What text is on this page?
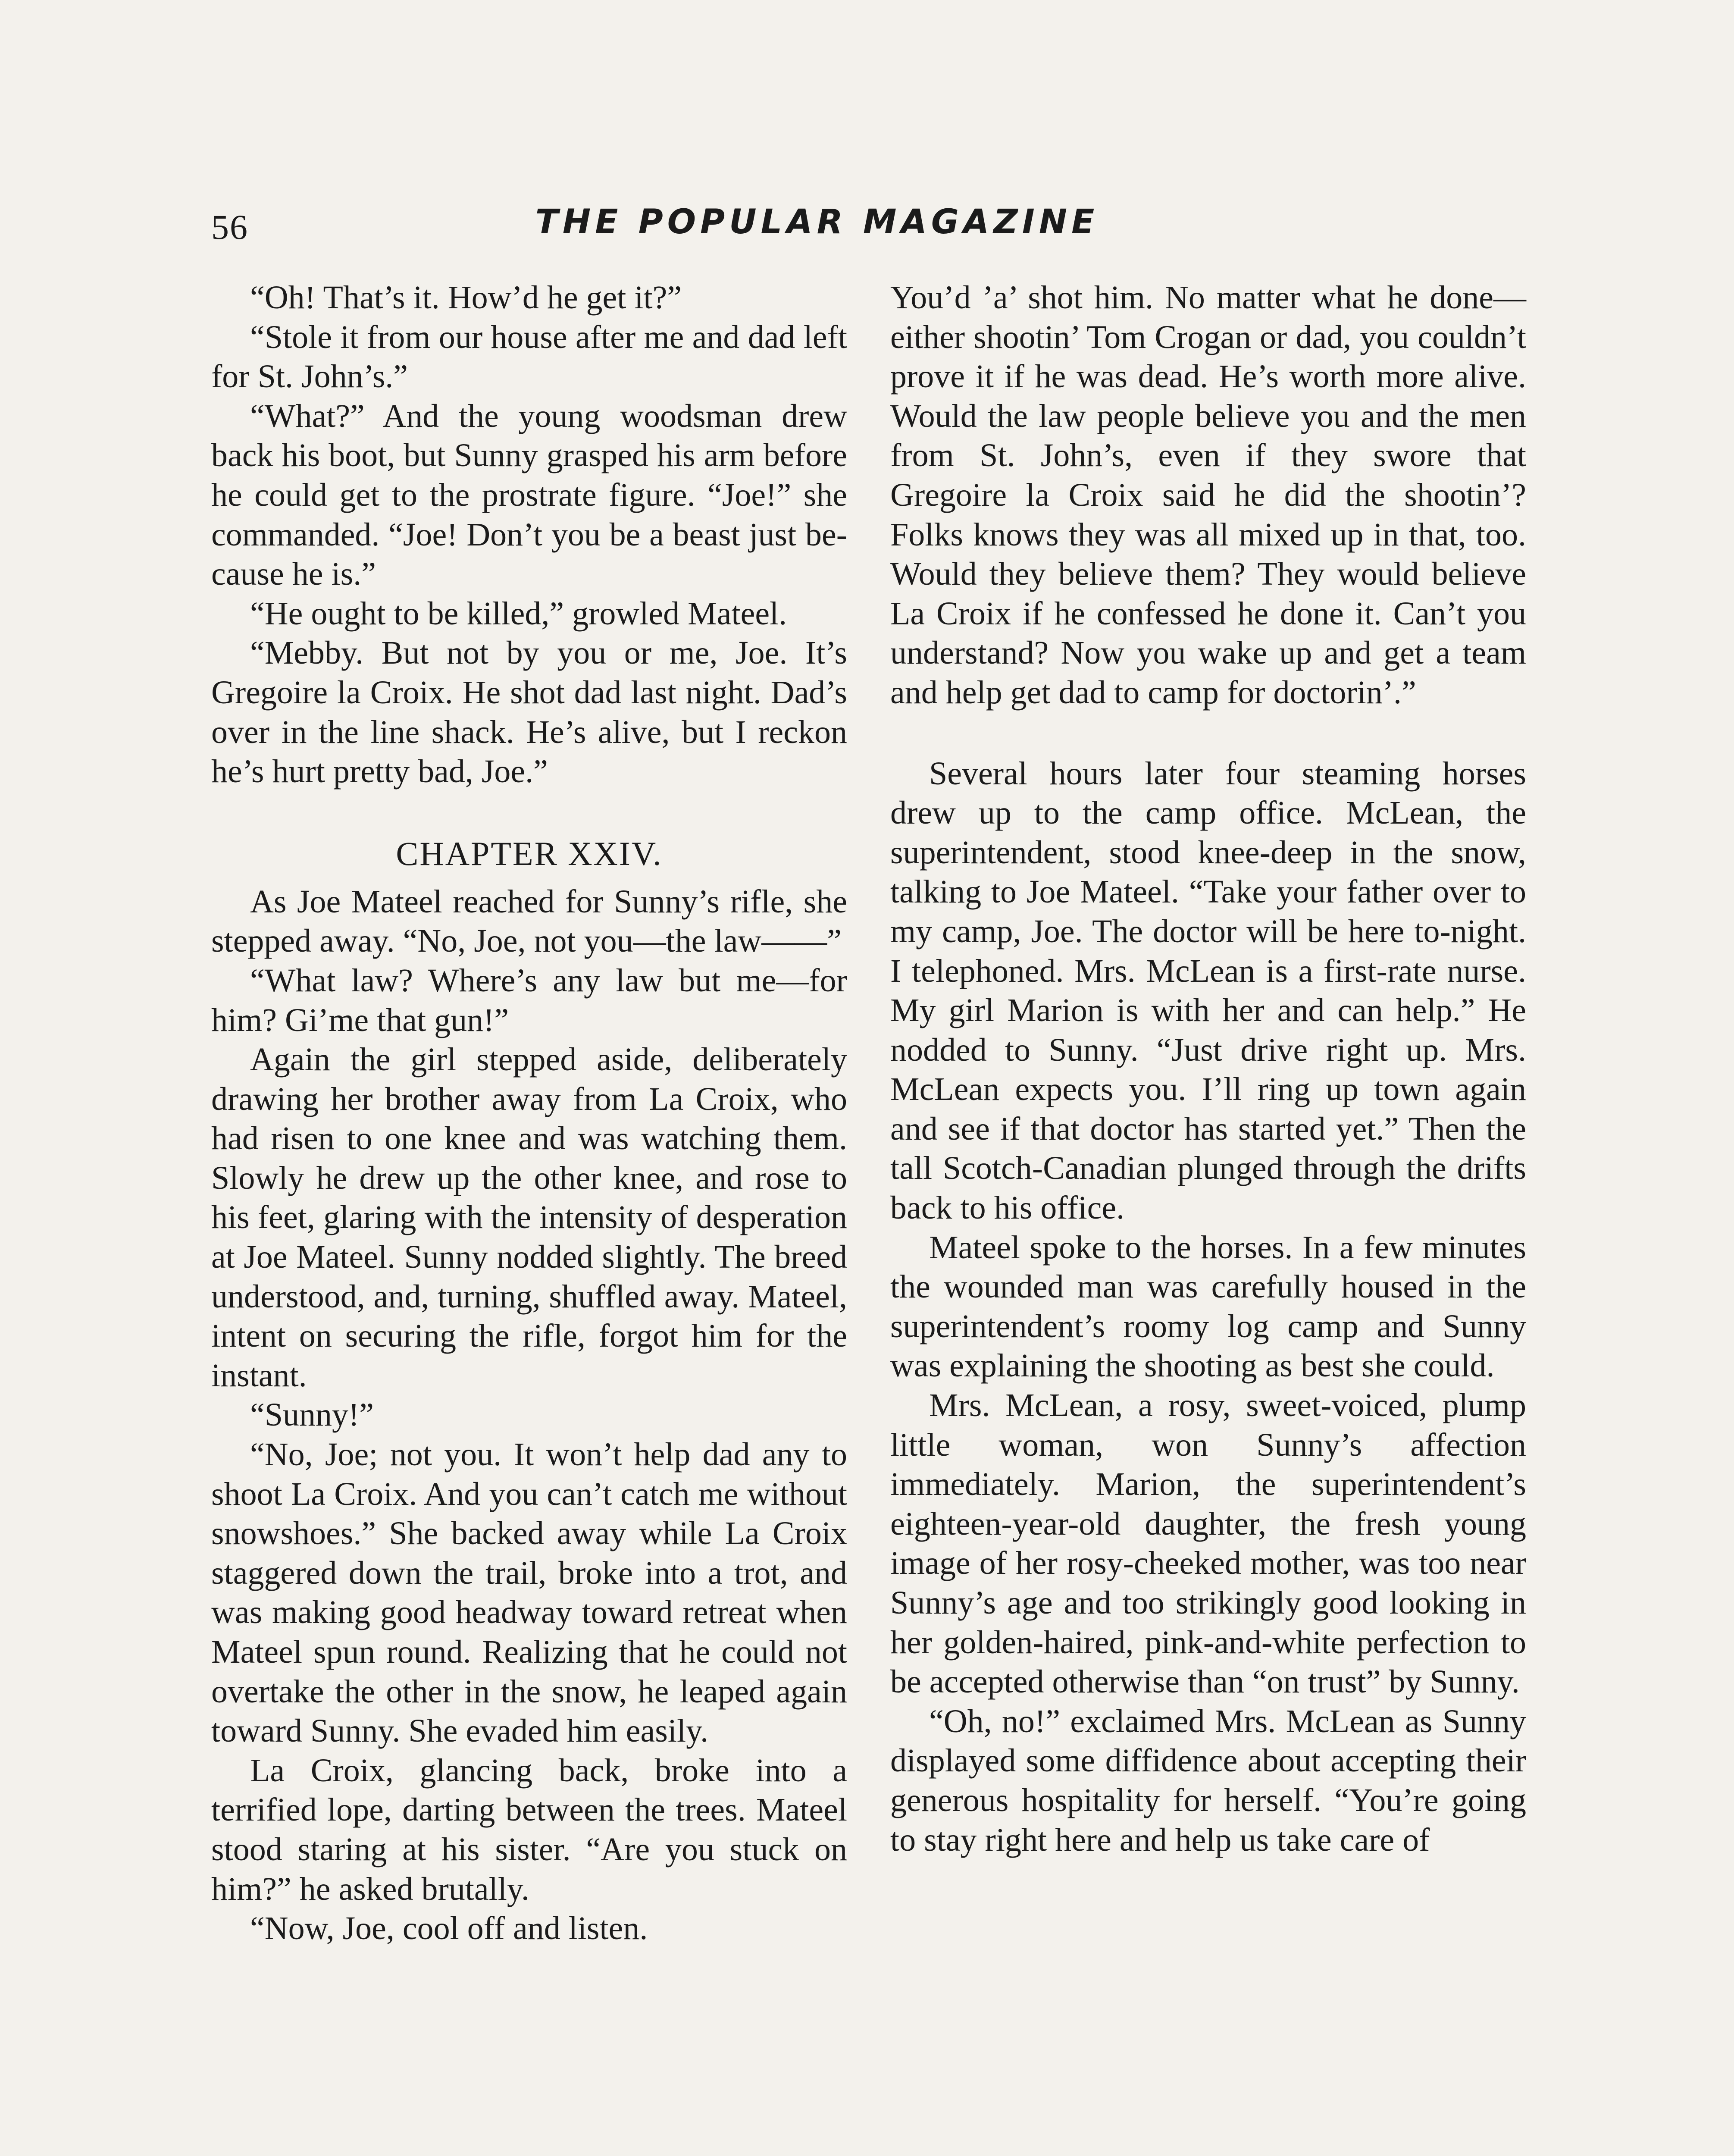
56	THE POPULAR MAGAZINE

“Oh! That’s it. How’d he get it?”

“Stole it from our house after me and dad left for St. John’s.”

“What?” And the young woodsman drew back his boot, but Sunny grasped his arm before he could get to the prostrate figure. “Joe!” she commanded. “Joe! Don’t you be a beast just because he is.”

“He ought to be killed,” growled Mateel.

“Mebby. But not by you or me, Joe. It’s Gregoire la Croix. He shot dad last night. Dad’s over in the line shack. He’s alive, but I reckon he’s hurt pretty bad, Joe.”

CHAPTER XXIV.

As Joe Mateel reached for Sunny’s rifle, she stepped away. “No, Joe, not you—the law——”

“What law? Where’s any law but me—for him? Gi’me that gun!”

Again the girl stepped aside, deliberately drawing her brother away from La Croix, who had risen to one knee and was watching them. Slowly he drew up the other knee, and rose to his feet, glaring with the intensity of desperation at Joe Mateel. Sunny nodded slightly. The breed understood, and, turning, shuffled away. Mateel, intent on securing the rifle, forgot him for the instant.

“Sunny!”

“No, Joe; not you. It won’t help dad any to shoot La Croix. And you can’t catch me without snowshoes.” She backed away while La Croix staggered down the trail, broke into a trot, and was making good headway toward retreat when Mateel spun round. Realizing that he could not overtake the other in the snow, he leaped again toward Sunny. She evaded him easily.

La Croix, glancing back, broke into a terrified lope, darting between the trees. Mateel stood staring at his sister. “Are you stuck on him?” he asked brutally.

“Now, Joe, cool off and listen.

You’d ’a’ shot him. No matter what he done—either shootin’ Tom Crogan or dad, you couldn’t prove it if he was dead. He’s worth more alive. Would the law people believe you and the men from St. John’s, even if they swore that Gregoire la Croix said he did the shootin’? Folks knows they was all mixed up in that, too. Would they believe them? They would believe La Croix if he confessed he done it. Can’t you understand? Now you wake up and get a team and help get dad to camp for doctorin’.”

Several hours later four steaming horses drew up to the camp office. McLean, the superintendent, stood knee-deep in the snow, talking to Joe Mateel. “Take your father over to my camp, Joe. The doctor will be here to-night. I telephoned. Mrs. McLean is a first-rate nurse. My girl Marion is with her and can help.” He nodded to Sunny. “Just drive right up. Mrs. McLean expects you. I’ll ring up town again and see if that doctor has started yet.” Then the tall Scotch-Canadian plunged through the drifts back to his office.

Mateel spoke to the horses. In a few minutes the wounded man was carefully housed in the superintendent’s roomy log camp and Sunny was explaining the shooting as best she could.

Mrs. McLean, a rosy, sweet-voiced, plump little woman, won Sunny’s affection immediately. Marion, the superintendent’s eighteen-year-old daughter, the fresh young image of her rosy-cheeked mother, was too near Sunny’s age and too strikingly good looking in her golden-haired, pink-and-white perfection to be accepted otherwise than “on trust” by Sunny.

“Oh, no!” exclaimed Mrs. McLean as Sunny displayed some diffidence about accepting their generous hospitality for herself. “You’re going to stay right here and help us take care of
